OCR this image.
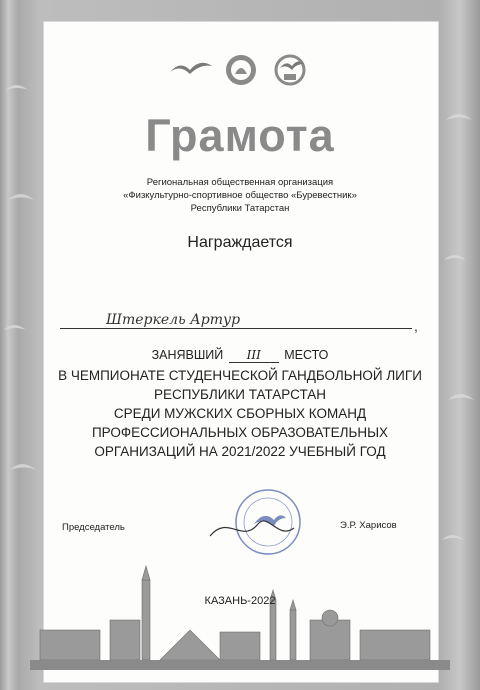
Грамота
Региональная общественная организация
«Физкультурно-спортивное общество «Буревестник»
Республики Татарстан
Награждается
Штеркель Артур	,
ЗАНЯВШИЙ III МЕСТО
В ЧЕМПИОНАТЕ СТУДЕНЧЕСКОЙ ГАНДБОЛЬНОЙ ЛИГИ
РЕСПУБЛИКИ ТАТАРСТАН
СРЕДИ МУЖСКИХ СБОРНЫХ КОМАНД
ПРОФЕССИОНАЛЬНЫХ ОБРАЗОВАТЕЛЬНЫХ
ОРГАНИЗАЦИЙ НА 2021/2022 УЧЕБНЫЙ ГОД
Председатель	Э.Р. Харисов
КАЗАНЬ-2022
